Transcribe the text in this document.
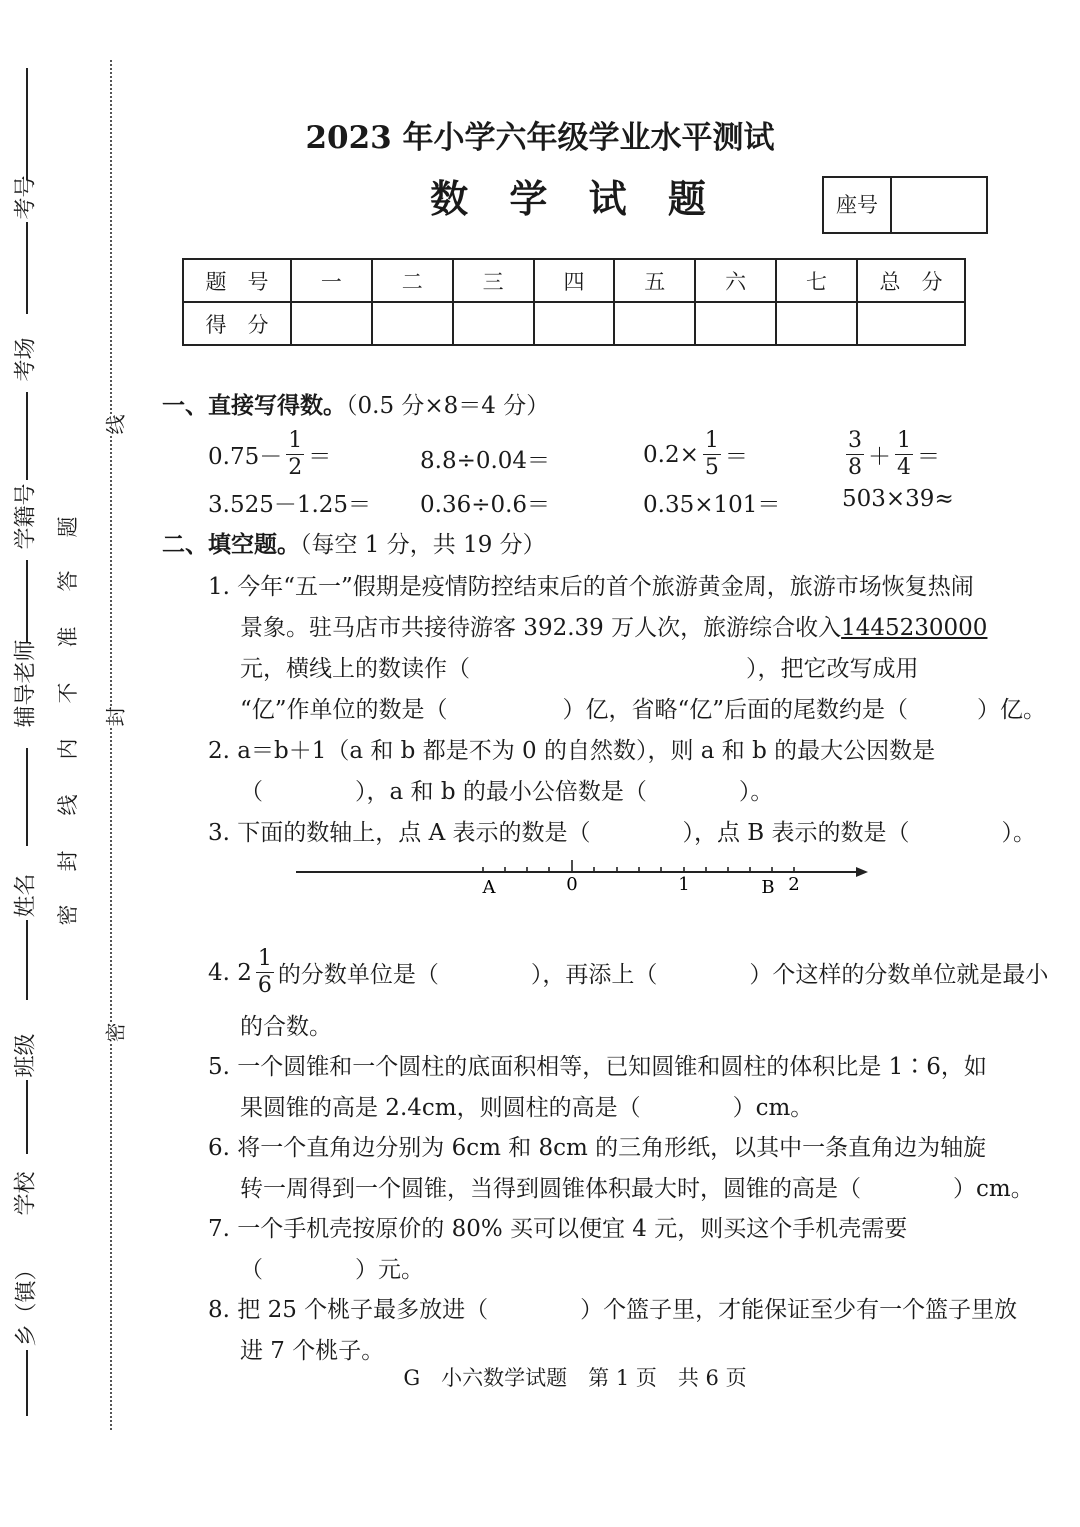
考号
考场
学籍号
辅导老师
姓名
班级
学校
乡（镇）
题
答
准
不
内
线
封
密
线
封
密
2023 年小学六年级学业水平测试
数 学 试 题	座号
题　号	一	二	三	四	五	六	七	总　分
得　分								
一、直接写得数。（0.5 分×8＝4 分）
$0.75- \frac{1}{2}$ ＝	8.8÷0.04＝	$0.2\times \frac{1}{5}$ ＝	$\frac{3}{8} + \frac{1}{4}$ ＝
3.525－1.25＝ 0.36÷0.6＝	0.35×101＝	503×39≈
二、填空题。（每空 1 分，共 19 分）
1. 今年“五一”假期是疫情防控结束后的首个旅游黄金周，旅游市场恢复热闹
景象。驻马店市共接待游客 392.39 万人次，旅游综合收入1445230000
元，横线上的数读作（　　　　　　　　　　　　），把它改写成用
“亿”作单位的数是（　　　　　）亿，省略“亿”后面的尾数约是（　　　）亿。
2. a＝b＋1（a 和 b 都是不为 0 的自然数），则 a 和 b 的最大公因数是
（　　　　），a 和 b 的最小公倍数是（　　　　）。
3. 下面的数轴上，点 A 表示的数是（　　　　），点 B 表示的数是（　　　　）。
A	0	1	B 2
4. $2 \frac{1}{6}$ 的分数单位是（　　　　），再添上（　　　　）个这样的分数单位就是最小
的合数。
5. 一个圆锥和一个圆柱的底面积相等，已知圆锥和圆柱的体积比是 1∶6，如
果圆锥的高是 2.4cm，则圆柱的高是（　　　　）cm。
6. 将一个直角边分别为 6cm 和 8cm 的三角形纸，以其中一条直角边为轴旋
转一周得到一个圆锥，当得到圆锥体积最大时，圆锥的高是（　　　　）cm。
7. 一个手机壳按原价的 80% 买可以便宜 4 元，则买这个手机壳需要
（　　　　）元。
8. 把 25 个桃子最多放进（　　　　）个篮子里，才能保证至少有一个篮子里放
进 7 个桃子。
G　小六数学试题　第 1 页　共 6 页
